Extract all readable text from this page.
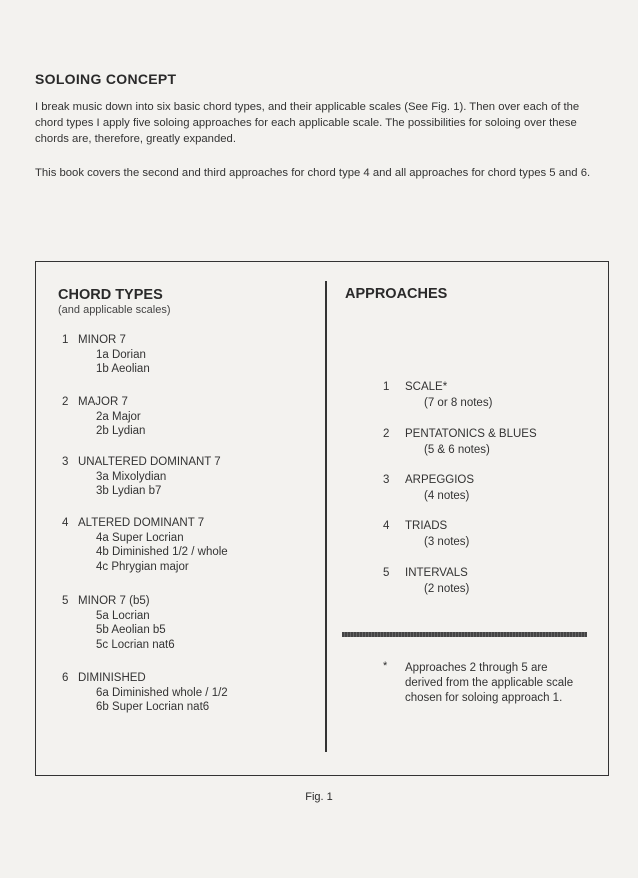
SOLOING CONCEPT
I break music down into six basic chord types, and their applicable scales (See Fig. 1). Then over each of the chord types I apply five soloing approaches for each applicable scale. The possibilities for soloing over these chords are, therefore, greatly expanded.
This book covers the second and third approaches for chord type 4 and all approaches for chord types 5 and 6.
CHORD TYPES
(and applicable scales)
1 MINOR 7
1a Dorian
1b Aeolian
2 MAJOR 7
2a Major
2b Lydian
3 UNALTERED DOMINANT 7
3a Mixolydian
3b Lydian b7
4 ALTERED DOMINANT 7
4a Super Locrian
4b Diminished 1/2 / whole
4c Phrygian major
5 MINOR 7 (b5)
5a Locrian
5b Aeolian b5
5c Locrian nat6
6 DIMINISHED
6a Diminished whole / 1/2
6b Super Locrian nat6
APPROACHES
1 SCALE*
(7 or 8 notes)
2 PENTATONICS & BLUES
(5 & 6 notes)
3 ARPEGGIOS
(4 notes)
4 TRIADS
(3 notes)
5 INTERVALS
(2 notes)
* Approaches 2 through 5 are derived from the applicable scale chosen for soloing approach 1.
Fig. 1
